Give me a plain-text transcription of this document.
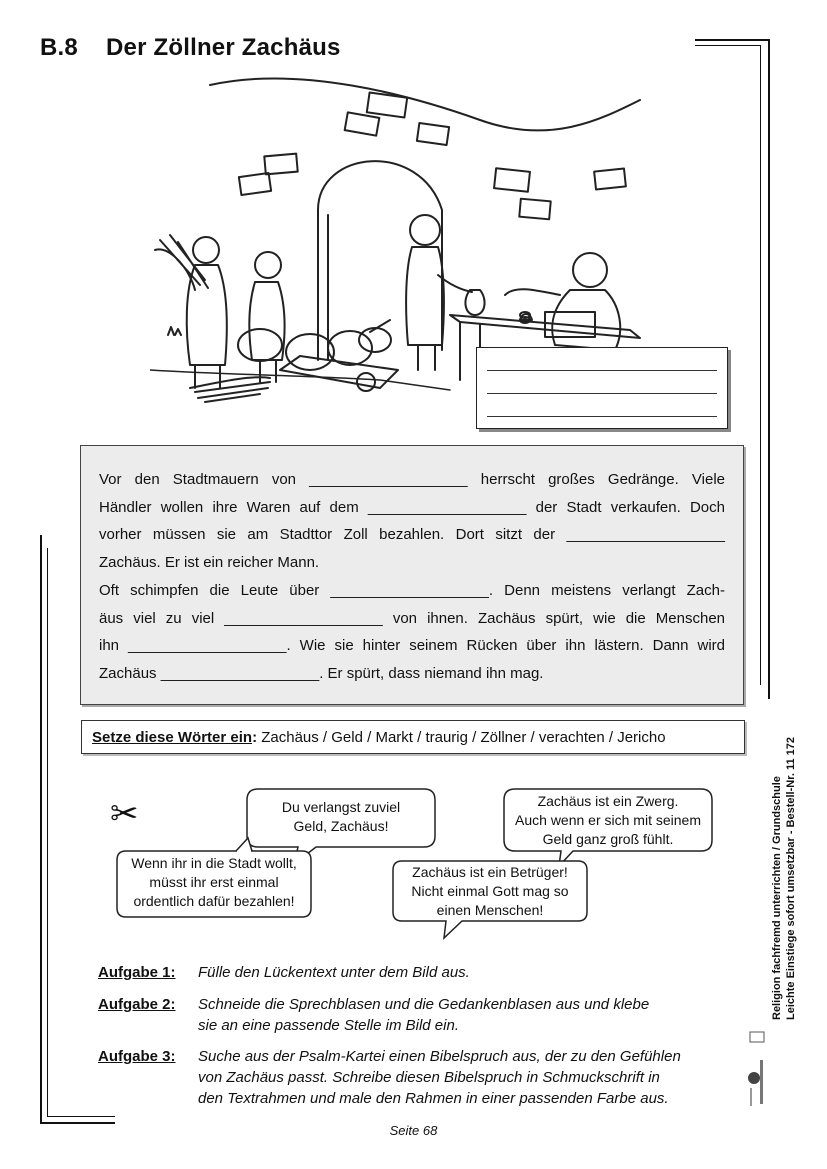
B.8 Der Zöllner Zachäus

Vor den Stadtmauern von ___________________ herrscht großes Gedränge. Viele

Händler wollen ihre Waren auf dem ___________________ der Stadt verkaufen. Doch

vorher müssen sie am Stadttor Zoll bezahlen. Dort sitzt der ___________________

Zachäus. Er ist ein reicher Mann.

Oft schimpfen die Leute über ___________________. Denn meistens verlangt Zach-

äus viel zu viel ___________________ von ihnen. Zachäus spürt, wie die Menschen

ihn ___________________. Wie sie hinter seinem Rücken über ihn lästern. Dann wird

Zachäus ___________________. Er spürt, dass niemand ihn mag.

Setze diese Wörter ein: Zachäus / Geld / Markt / traurig / Zöllner / verachten / Jericho
✂	Du verlangst zuviel
Geld, Zachäus!
Zachäus ist ein Zwerg.
Auch wenn er sich mit seinem
Geld ganz groß fühlt.
Wenn ihr in die Stadt wollt,
müsst ihr erst einmal
ordentlich dafür bezahlen!
Zachäus ist ein Betrüger!
Nicht einmal Gott mag so
einen Menschen!
Aufgabe 1: Fülle den Lückentext unter dem Bild aus.
Aufgabe 2: Schneide die Sprechblasen und die Gedankenblasen aus und klebe
sie an eine passende Stelle im Bild ein.
Aufgabe 3: Suche aus der Psalm-Kartei einen Bibelspruch aus, der zu den Gefühlen
von Zachäus passt. Schreibe diesen Bibelspruch in Schmuckschrift in
den Textrahmen und male den Rahmen in einer passenden Farbe aus.
Seite 68
Religion fachfremd unterrichten / Grundschule Leichte Einstiege sofort umsetzbar - Bestell-Nr. 11 172
